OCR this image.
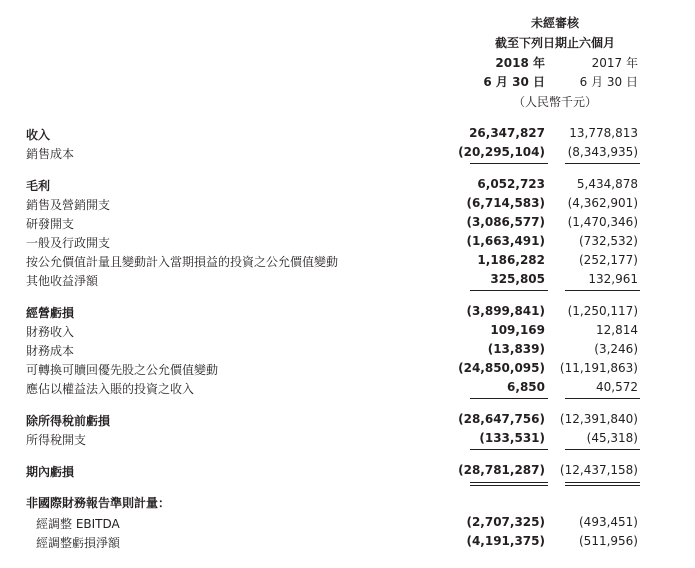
未經審核
截至下列日期止六個月
2018 年	2017 年
6 月 30 日	6 月 30 日
（人民幣千元）
收入	26,347,827 13,778,813
銷售成本	(20,295,104) (8,343,935)
毛利	6,052,723	5,434,878
銷售及營銷開支	(6,714,583) (4,362,901)
研發開支	(3,086,577) (1,470,346)
一般及行政開支	(1,663,491)	(732,532)
按公允價值計量且變動計入當期損益的投資之公允價值變動	1,186,282	(252,177)
其他收益淨額	325,805	132,961
經營虧損	(3,899,841) (1,250,117)
財務收入	109,169	12,814
財務成本	(13,839)	(3,246)
可轉換可贖回優先股之公允價值變動	(24,850,095) (11,191,863)
應佔以權益法入賬的投資之收入	6,850	40,572
除所得稅前虧損	(28,647,756) (12,391,840)
所得稅開支	(133,531)	(45,318)
期內虧損	(28,781,287) (12,437,158)
非國際財務報告準則計量：
經調整 EBITDA	(2,707,325)	(493,451)
經調整虧損淨額	(4,191,375)	(511,956)
